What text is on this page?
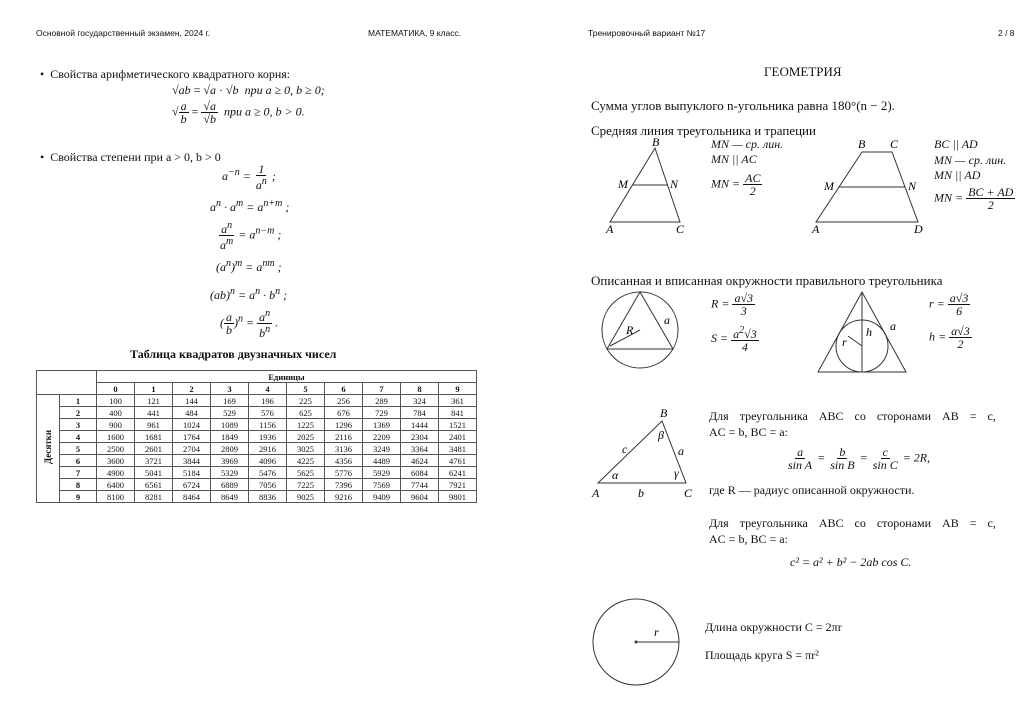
Основной государственный экзамен, 2024 г.	МАТЕМАТИКА, 9 класс.	Тренировочный вариант №17	2 / 8
•  Свойства арифметического квадратного корня:
√ab = √a · √b при a ≥ 0, b ≥ 0;
√ $\frac{a}{b} = \frac{√a}{√b}$ при a ≥ 0, b > 0.
•  Свойства степени при a > 0, b > 0
$a^{-n} = \frac{1}{a^n}$ ;
$a^n \cdot a^m = a^{n+m}$ ;
$\frac{a^n}{a^m} = a^{n-m}$ ;
$(a^n)^m = a^{nm}$ ;
$(ab)^n = a^n \cdot b^n$ ;
( $\frac{a}{b} )^n = \frac{a^n}{b^n}$ .
Таблица квадратов двузначных чисел
		Единицы									
		0	1	2	3	4	5	6	7	8	9
Десятки	1	100	121	144	169	196	225	256	289	324	361
	2	400	441	484	529	576	625	676	729	784	841
	3	900	961	1024	1089	1156	1225	1296	1369	1444	1521
	4	1600	1681	1764	1849	1936	2025	2116	2209	2304	2401
	5	2500	2601	2704	2809	2916	3025	3136	3249	3364	3481
	6	3600	3721	3844	3969	4096	4225	4356	4489	4624	4761
	7	4900	5041	5184	5329	5476	5625	5776	5929	6084	6241
	8	6400	6561	6724	6889	7056	7225	7396	7569	7744	7921
	9	8100	8281	8464	8649	8836	9025	9216	9409	9604	9801
ГЕОМЕТРИЯ
Сумма углов выпуклого n-угольника равна 180°(n − 2).
Средняя линия треугольника и трапеции
A
B
C
M	N
MN — ср. лин.
MN || AC
MN = $\frac{AC}{2}$
A
B C
D
M	N
BC || AD
MN — ср. лин.
MN || AD
MN = $\frac{BC + AD}{2}$
Описанная и вписанная окружности правильного треугольника
R
a
$R = \frac{a√3}{3}$
$S = \frac{a^2√3}{4}$	h
r
a
$r = \frac{a√3}{6}$
$h = \frac{a√3}{2}$
A
B
C
c	a
b
β
α	γ
Для треугольника ABC со сторонами AB = c,
AC = b, BC = a:
$\frac{a}{\text{sin A}} = \frac{b}{\text{sin B}} = \frac{c}{\text{sin C}} = 2R$,
где R — радиус описанной окружности.
Для треугольника ABC со сторонами AB = c,
AC = b, BC = a:
c² = a² + b² − 2ab cos C.
r	Длина окружности C = 2πr
Площадь круга S = πr²
